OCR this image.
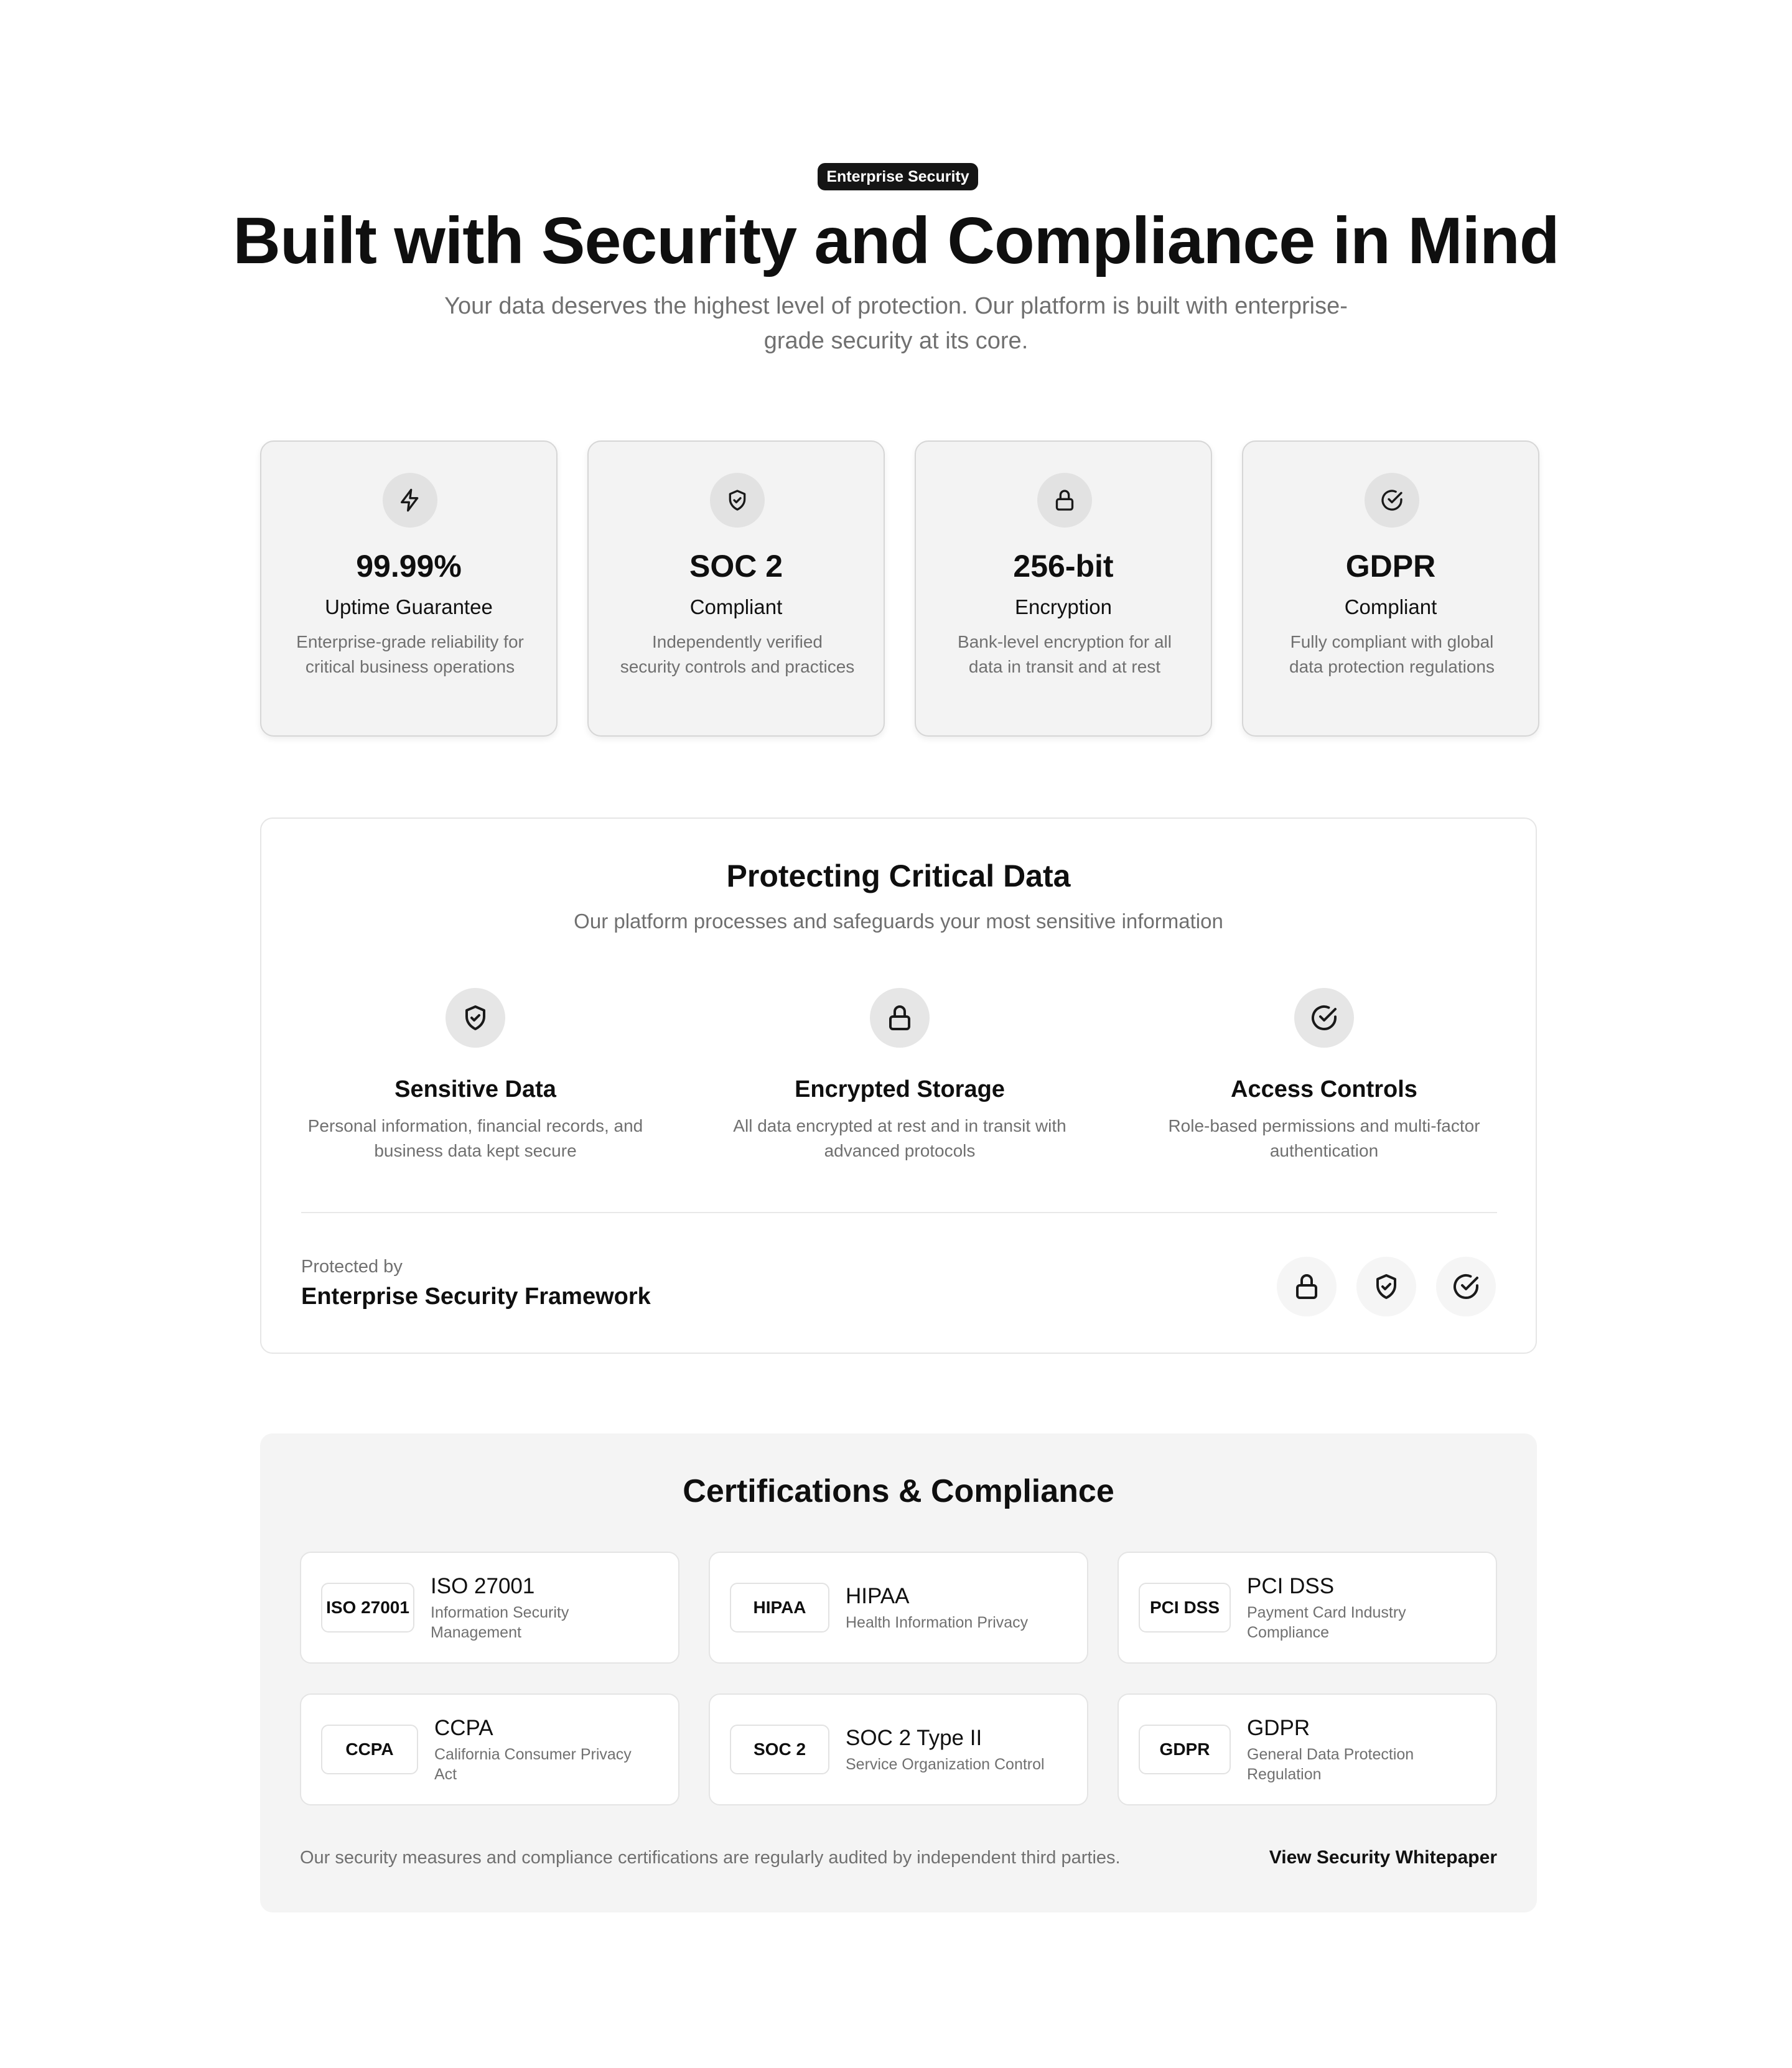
Enterprise Security
Built with Security and Compliance in Mind
Your data deserves the highest level of protection. Our platform is built with enterprise-
grade security at its core.
99.99%
Uptime Guarantee
Enterprise-grade reliability for critical business operations
SOC 2
Compliant
Independently verified security controls and practices
256-bit
Encryption
Bank-level encryption for all data in transit and at rest
GDPR
Compliant
Fully compliant with global data protection regulations
Protecting Critical Data
Our platform processes and safeguards your most sensitive information
Sensitive Data
Personal information, financial records, and business data kept secure
Encrypted Storage
All data encrypted at rest and in transit with advanced protocols
Access Controls
Role-based permissions and multi-factor authentication
Protected by
Enterprise Security Framework
Certifications & Compliance
ISO 27001
ISO 27001
Information Security
Management
HIPAA	HIPAA
Health Information Privacy
PCI DSS
PCI DSS
Payment Card Industry
Compliance
CCPA
CCPA
California Consumer Privacy
Act
SOC 2	SOC 2 Type II
Service Organization Control
GDPR
GDPR
General Data Protection
Regulation
Our security measures and compliance certifications are regularly audited by independent third parties.	View Security Whitepaper
